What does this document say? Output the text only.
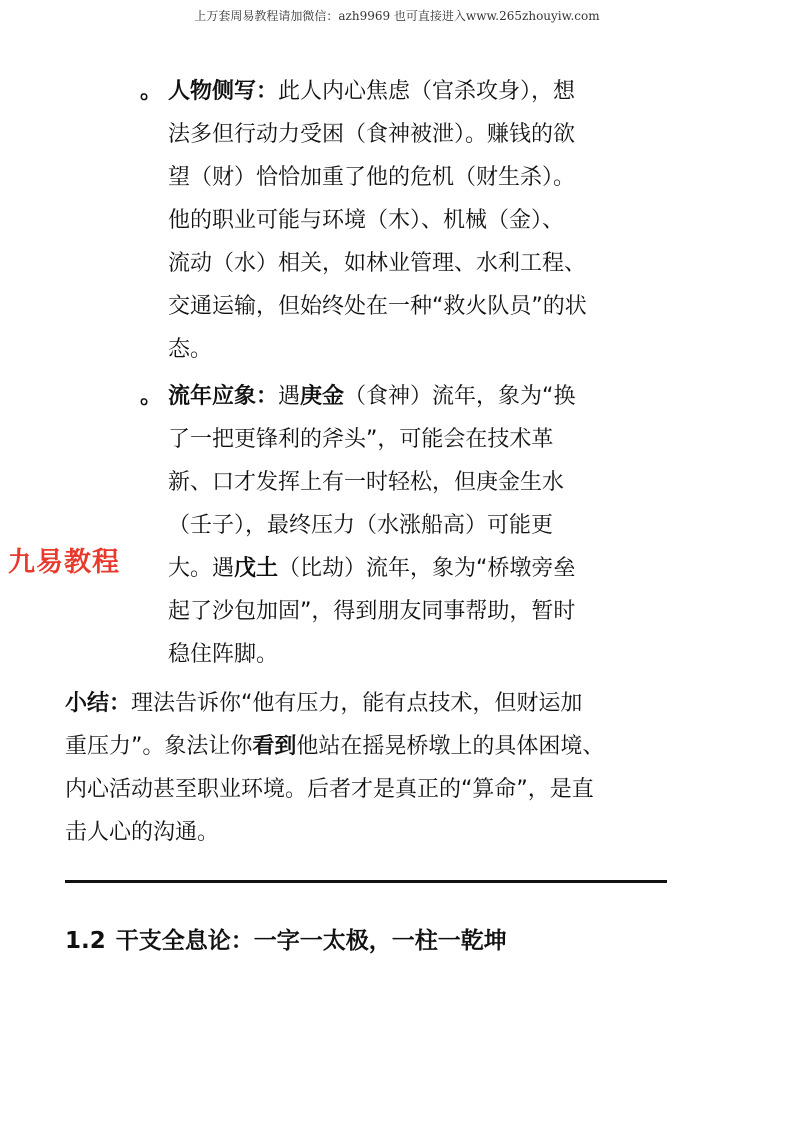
上万套周易教程请加微信：azh9969 也可直接进入www.265zhouyiw.com
九易教程
。 人物侧写：此人内心焦虑（官杀攻身），想
法多但行动力受困（食神被泄）。赚钱的欲
望（财）恰恰加重了他的危机（财生杀）。
他的职业可能与环境（木）、机械（金）、
流动（水）相关，如林业管理、水利工程、
交通运输，但始终处在一种“救火队员”的状
态。
。 流年应象：遇庚金（食神）流年，象为“换
了一把更锋利的斧头”，可能会在技术革
新、口才发挥上有一时轻松，但庚金生水
（壬子），最终压力（水涨船高）可能更
大。遇戊土（比劫）流年，象为“桥墩旁垒
起了沙包加固”，得到朋友同事帮助，暂时
稳住阵脚。
小结：理法告诉你“他有压力，能有点技术，但财运加
重压力”。象法让你看到他站在摇晃桥墩上的具体困境、
内心活动甚至职业环境。后者才是真正的“算命”，是直
击人心的沟通。
1.2 干支全息论：一字一太极，一柱一乾坤
